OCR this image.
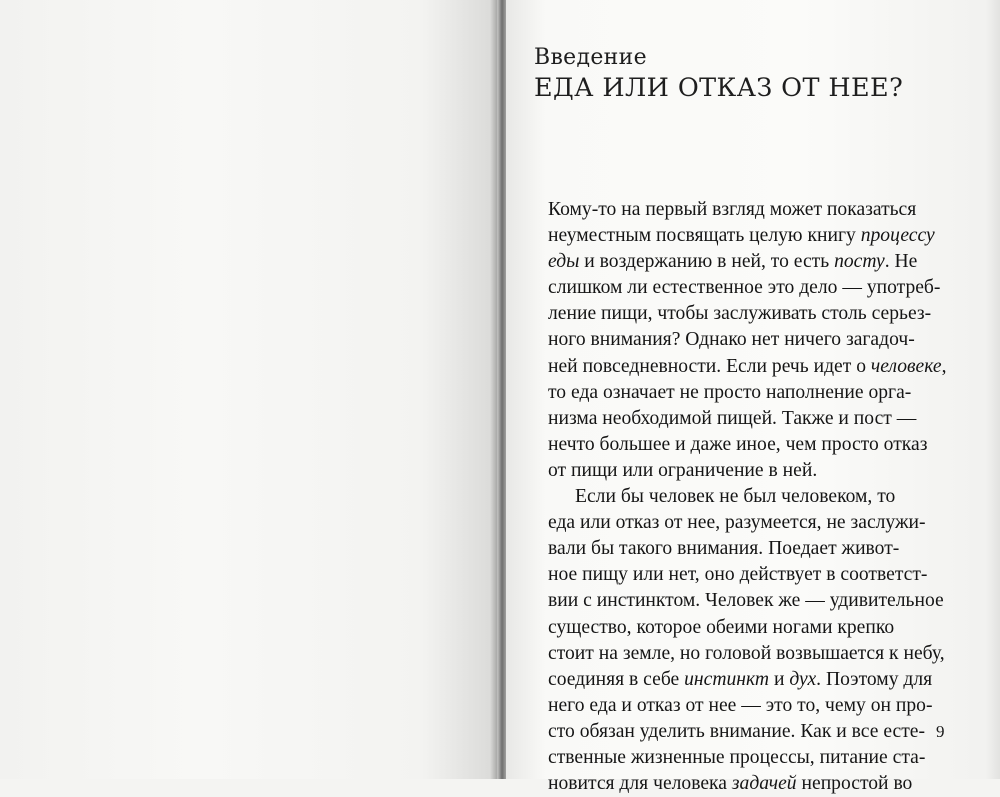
Введение
ЕДА ИЛИ ОТКАЗ ОТ НЕЕ?
Кому-то на первый взгляд может показаться
неуместным посвящать целую книгу процессу
еды и воздержанию в ней, то есть посту. Не
слишком ли естественное это дело — употреб-
ление пищи, чтобы заслуживать столь серьез-
ного внимания? Однако нет ничего загадоч-
ней повседневности. Если речь идет о человеке,
то еда означает не просто наполнение орга-
низма необходимой пищей. Также и пост —
нечто большее и даже иное, чем просто отказ
от пищи или ограничение в ней.
Если бы человек не был человеком, то
еда или отказ от нее, разумеется, не заслужи-
вали бы такого внимания. Поедает живот-
ное пищу или нет, оно действует в соответст-
вии с инстинктом. Человек же — удивительное
существо, которое обеими ногами крепко
стоит на земле, но головой возвышается к небу,
соединяя в себе инстинкт и дух. Поэтому для
него еда и отказ от нее — это то, чему он про-
сто обязан уделить внимание. Как и все есте-
ственные жизненные процессы, питание ста-
новится для человека задачей непростой во
9
